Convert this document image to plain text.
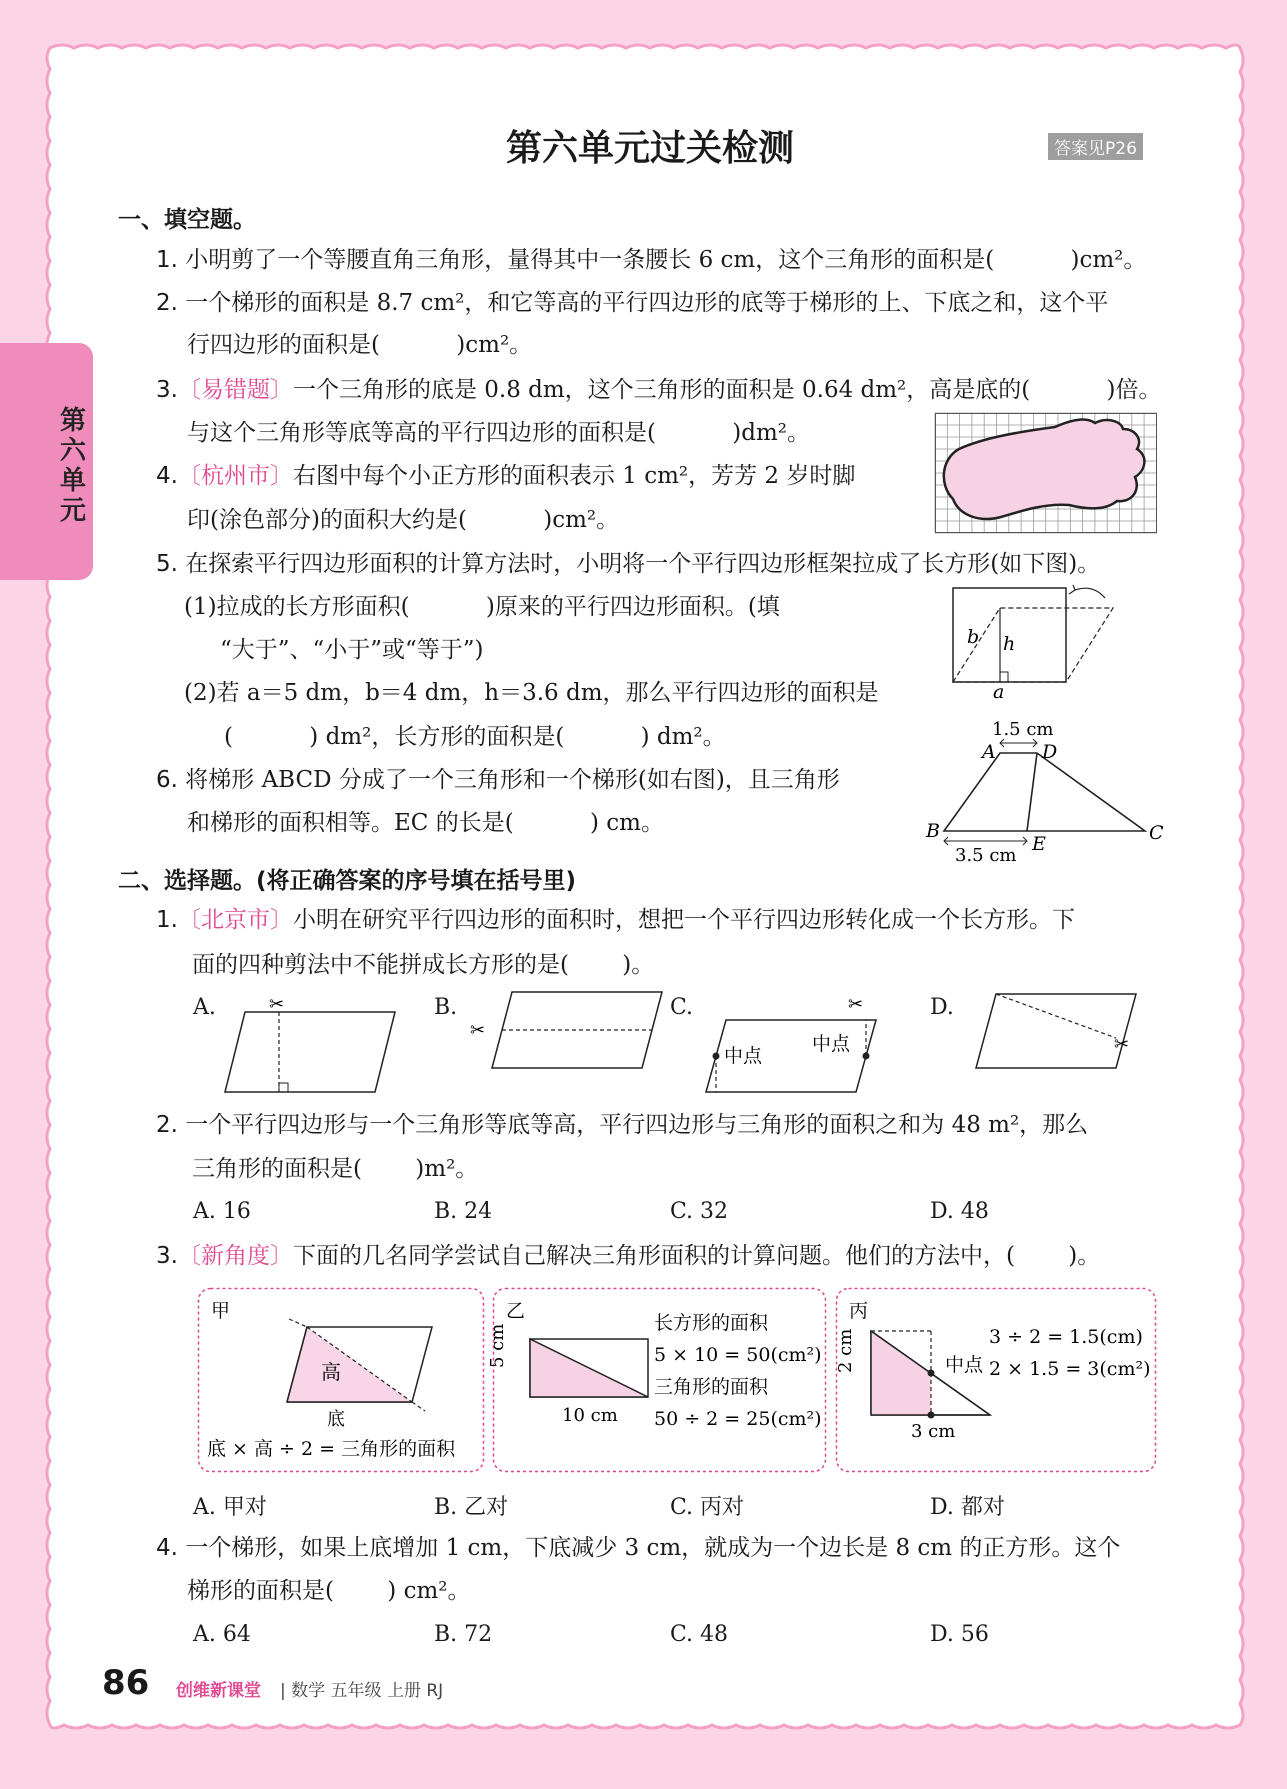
第六单元
第六单元过关检测	答案见P26
一、填空题。
1. 小明剪了一个等腰直角三角形，量得其中一条腰长 6 cm，这个三角形的面积是(　　　 )cm²。
2. 一个梯形的面积是 8.7 cm²，和它等高的平行四边形的底等于梯形的上、下底之和，这个平
行四边形的面积是(　　　 )cm²。
3.〔易错题〕一个三角形的底是 0.8 dm，这个三角形的面积是 0.64 dm²，高是底的(　　　 )倍。
与这个三角形等底等高的平行四边形的面积是(　　　 )dm²。
4.〔杭州市〕右图中每个小正方形的面积表示 1 cm²，芳芳 2 岁时脚
印(涂色部分)的面积大约是(　　　 )cm²。
5. 在探索平行四边形面积的计算方法时，小明将一个平行四边形框架拉成了长方形(如下图)。
(1)拉成的长方形面积(　　　 )原来的平行四边形面积。(填
“大于”、“小于”或“等于”)
(2)若 a＝5 dm，b＝4 dm，h＝3.6 dm，那么平行四边形的面积是
(　　　 ) dm²，长方形的面积是(　　　 ) dm²。
b h
a
6. 将梯形 ABCD 分成了一个三角形和一个梯形(如右图)，且三角形
和梯形的面积相等。EC 的长是(　　　 ) cm。
1.5 cm
3.5 cm
A D
B	C
E
二、选择题。(将正确答案的序号填在括号里)
1.〔北京市〕小明在研究平行四边形的面积时，想把一个平行四边形转化成一个长方形。下
面的四种剪法中不能拼成长方形的是(　　 )。
A.	B.	C.	D.
✂
✂
中点
中点
✂
✂
2. 一个平行四边形与一个三角形等底等高，平行四边形与三角形的面积之和为 48 m²，那么
三角形的面积是(　　 )m²。
A. 16	B. 24	C. 32	D. 48
3.〔新角度〕下面的几名同学尝试自己解决三角形面积的计算问题。他们的方法中，(　　 )。
甲
高
底
底 × 高 ÷ 2 = 三角形的面积
乙
5 cm
10 cm
长方形的面积
5 × 10 = 50(cm²)
三角形的面积
50 ÷ 2 = 25(cm²)
丙
2 cm
3 cm
中点
3 ÷ 2 = 1.5(cm)
2 × 1.5 = 3(cm²)
A. 甲对	B. 乙对	C. 丙对	D. 都对
4. 一个梯形，如果上底增加 1 cm，下底减少 3 cm，就成为一个边长是 8 cm 的正方形。这个
梯形的面积是(　　 ) cm²。
A. 64	B. 72	C. 48	D. 56
86 创维新课堂 | 数学 五年级 上册 RJ
